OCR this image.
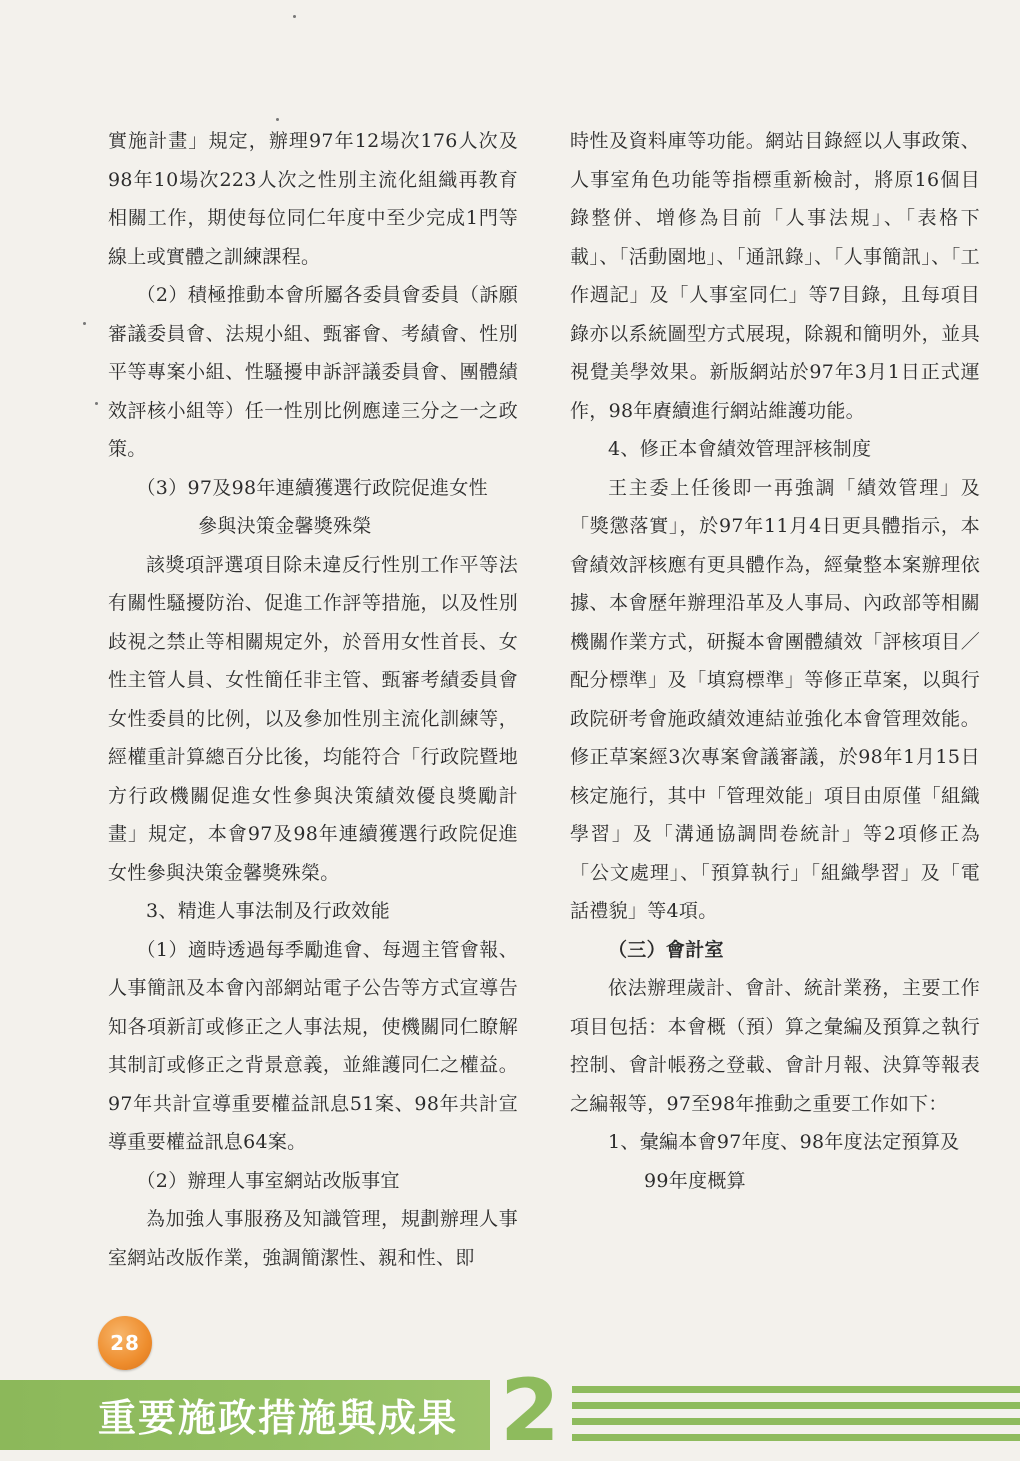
實施計畫」規定，辦理97年12場次176人次及98年10場次223人次之性別主流化組織再教育相關工作，期使每位同仁年度中至少完成1門等線上或實體之訓練課程。

（2）積極推動本會所屬各委員會委員（訴願審議委員會、法規小組、甄審會、考績會、性別平等專案小組、性騷擾申訴評議委員會、團體績效評核小組等）任一性別比例應達三分之一之政策。

（3）97及98年連續獲選行政院促進女性

參與決策金馨獎殊榮

該獎項評選項目除未違反行性別工作平等法有關性騷擾防治、促進工作評等措施，以及性別歧視之禁止等相關規定外，於晉用女性首長、女性主管人員、女性簡任非主管、甄審考績委員會女性委員的比例，以及參加性別主流化訓練等，經權重計算總百分比後，均能符合「行政院暨地方行政機關促進女性參與決策績效優良獎勵計畫」規定，本會97及98年連續獲選行政院促進女性參與決策金馨獎殊榮。

3、精進人事法制及行政效能

（1）適時透過每季勵進會、每週主管會報、人事簡訊及本會內部網站電子公告等方式宣導告知各項新訂或修正之人事法規，使機關同仁瞭解其制訂或修正之背景意義，並維護同仁之權益。97年共計宣導重要權益訊息51案、98年共計宣導重要權益訊息64案。

（2）辦理人事室網站改版事宜

為加強人事服務及知識管理，規劃辦理人事室網站改版作業，強調簡潔性、親和性、即

時性及資料庫等功能。網站目錄經以人事政策、人事室角色功能等指標重新檢討，將原16個目錄整併、增修為目前「人事法規」、「表格下載」、「活動園地」、「通訊錄」、「人事簡訊」、「工作週記」及「人事室同仁」等7目錄，且每項目錄亦以系統圖型方式展現，除親和簡明外，並具視覺美學效果。新版網站於97年3月1日正式運作，98年賡續進行網站維護功能。

4、修正本會績效管理評核制度

王主委上任後即一再強調「績效管理」及「獎懲落實」，於97年11月4日更具體指示，本會績效評核應有更具體作為，經彙整本案辦理依據、本會歷年辦理沿革及人事局、內政部等相關機關作業方式，研擬本會團體績效「評核項目／配分標準」及「填寫標準」等修正草案，以與行政院研考會施政績效連結並強化本會管理效能。修正草案經3次專案會議審議，於98年1月15日核定施行，其中「管理效能」項目由原僅「組織學習」及「溝通協調問卷統計」等2項修正為「公文處理」、「預算執行」「組織學習」及「電話禮貌」等4項。

（三）會計室

依法辦理歲計、會計、統計業務，主要工作項目包括：本會概（預）算之彙編及預算之執行控制、會計帳務之登載、會計月報、決算等報表之編報等，97至98年推動之重要工作如下：

1、彙編本會97年度、98年度法定預算及

99年度概算

28
重要施政措施與成果 2
